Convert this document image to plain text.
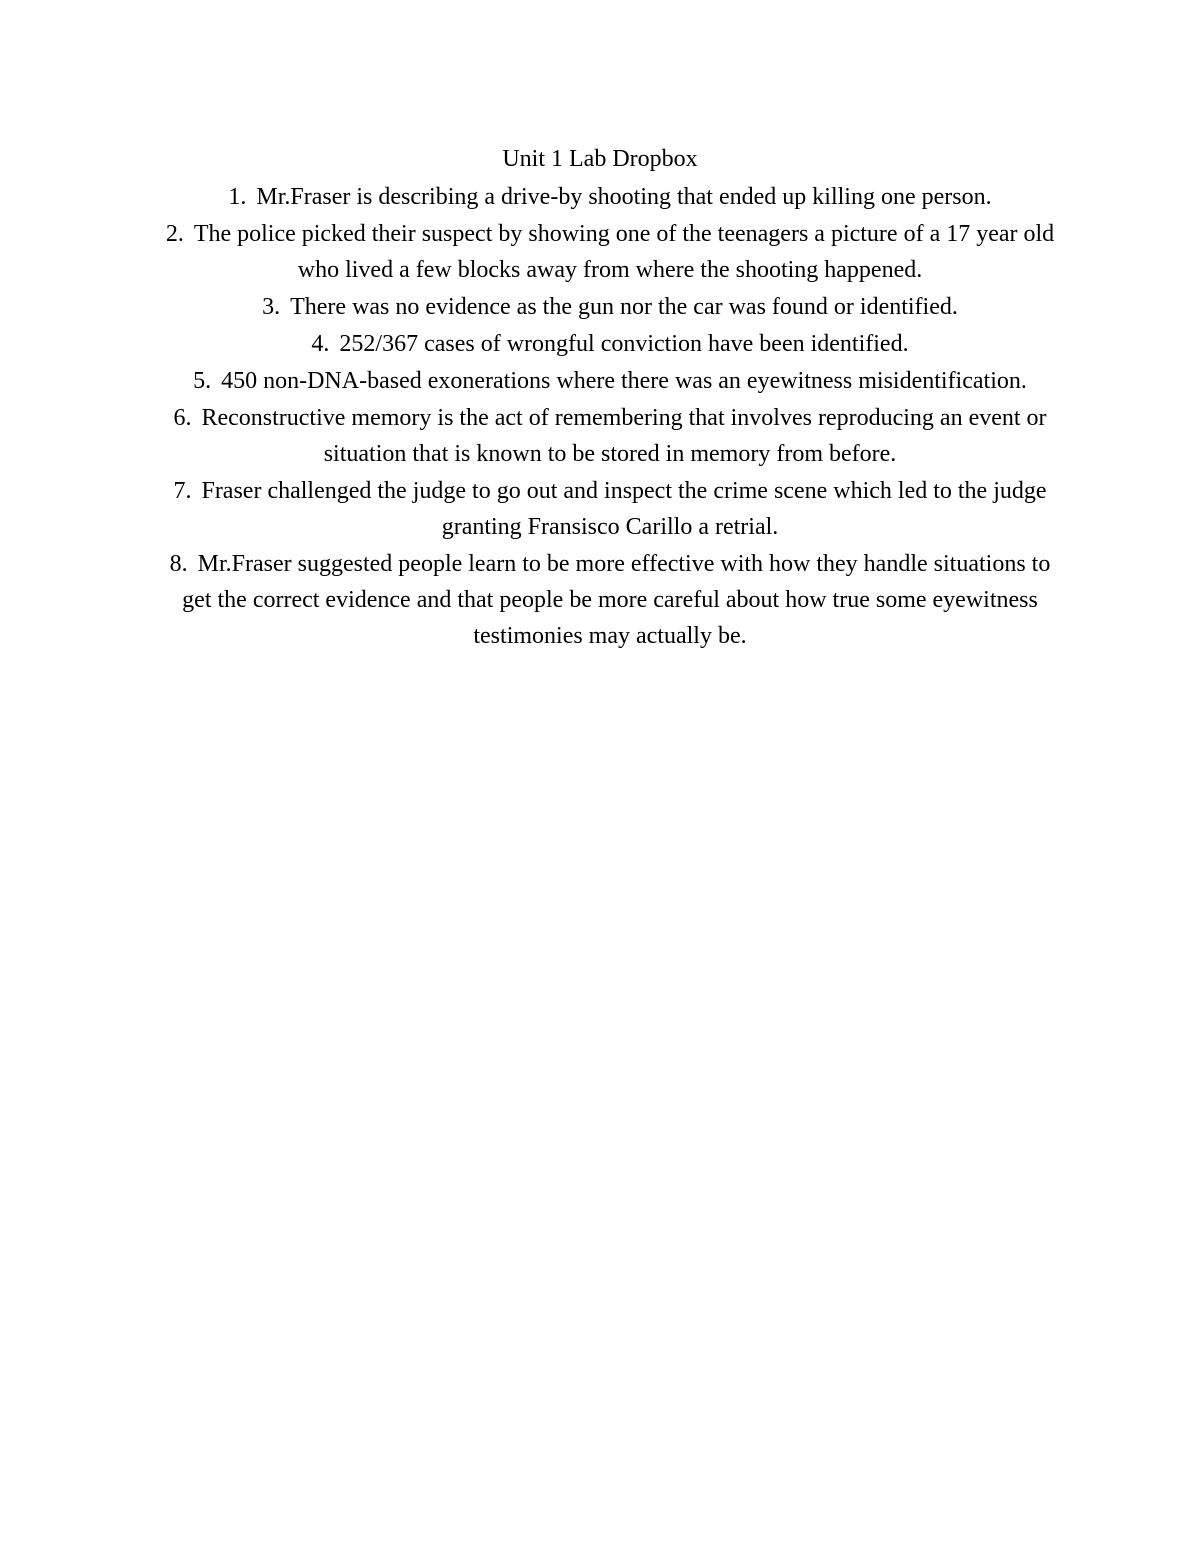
Unit 1 Lab Dropbox
1. Mr.Fraser is describing a drive-by shooting that ended up killing one person.
2. The police picked their suspect by showing one of the teenagers a picture of a 17 year old who lived a few blocks away from where the shooting happened.
3. There was no evidence as the gun nor the car was found or identified.
4. 252/367 cases of wrongful conviction have been identified.
5. 450 non-DNA-based exonerations where there was an eyewitness misidentification.
6. Reconstructive memory is the act of remembering that involves reproducing an event or situation that is known to be stored in memory from before.
7. Fraser challenged the judge to go out and inspect the crime scene which led to the judge granting Fransisco Carillo a retrial.
8. Mr.Fraser suggested people learn to be more effective with how they handle situations to get the correct evidence and that people be more careful about how true some eyewitness testimonies may actually be.
